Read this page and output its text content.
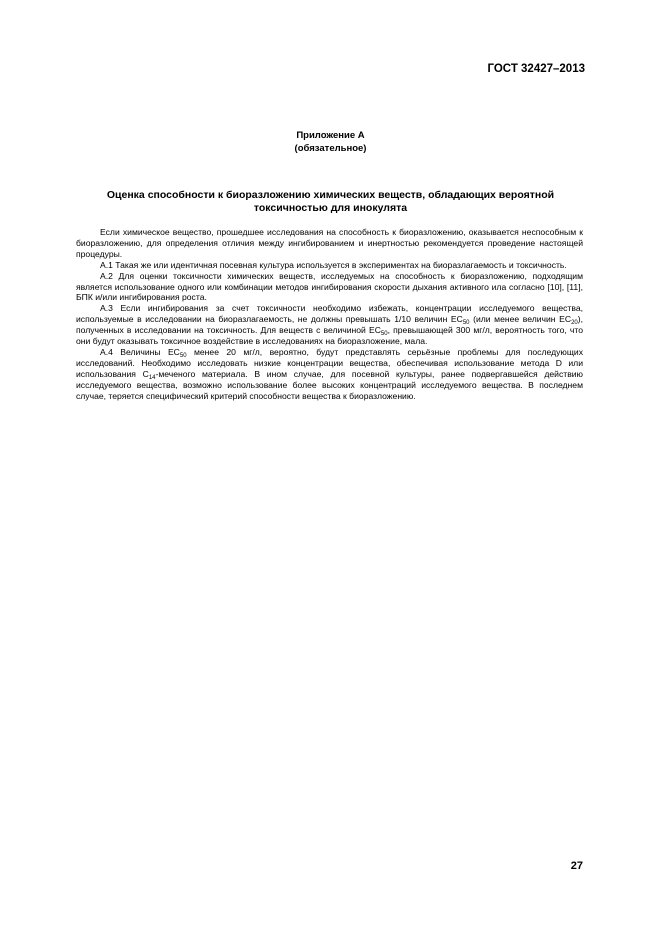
ГОСТ 32427–2013
Приложение А
(обязательное)
Оценка способности к биоразложению химических веществ, обладающих вероятной
токсичностью для инокулята

Если химическое вещество, прошедшее исследования на способность к биоразложению, оказывается неспособным к биоразложению, для определения отличия между ингибированием и инертностью рекомендуется проведение настоящей процедуры.

А.1 Такая же или идентичная посевная культура используется в экспериментах на биоразлагаемость и токсичность.

А.2 Для оценки токсичности химических веществ, исследуемых на способность к биоразложению, подходящим является использование одного или комбинации методов ингибирования скорости дыхания активного ила согласно [10], [11], БПК и/или ингибирования роста.

А.3 Если ингибирования за счет токсичности необходимо избежать, концентрации исследуемого вещества, используемые в исследовании на биоразлагаемость, не должны превышать 1/10 величин $ЕС_{50}$ (или менее величин $ЕС_{20}$), полученных в исследовании на токсичность. Для веществ с величиной $ЕС_{50}$, превышающей 300 мг/л, вероятность того, что они будут оказывать токсичное воздействие в исследованиях на биоразложение, мала.

А.4 Величины $ЕС_{50}$ менее 20 мг/л, вероятно, будут представлять серьёзные проблемы для последующих исследований. Необходимо исследовать низкие концентрации вещества, обеспечивая использование метода D или использования $С_{14}$-меченого материала. В ином случае, для посевной культуры, ранее подвергавшейся действию исследуемого вещества, возможно использование более высоких концентраций исследуемого вещества. В последнем случае, теряется специфический критерий способности вещества к биоразложению.

27
